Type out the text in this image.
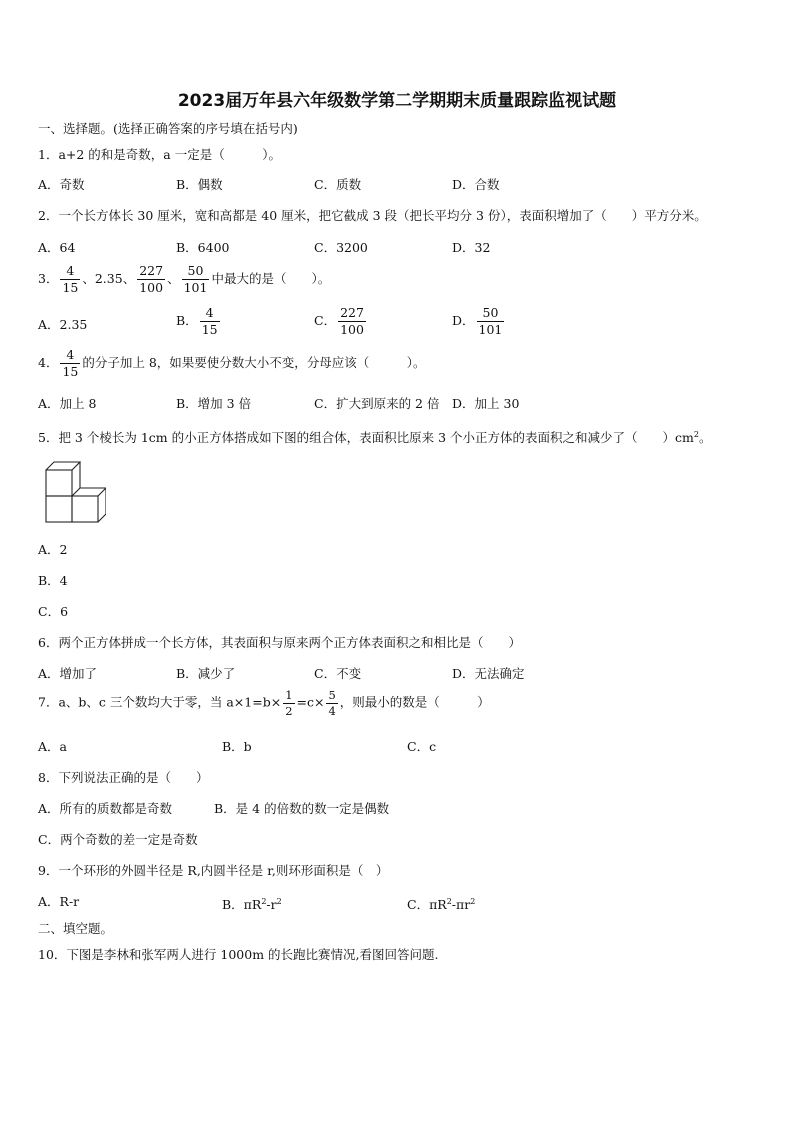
2023届万年县六年级数学第二学期期末质量跟踪监视试题
一、选择题。(选择正确答案的序号填在括号内)
1．a+2 的和是奇数，a 一定是（　　　）。
A．奇数	B．偶数	C．质数	D．合数
2．一个长方体长 30 厘米，宽和高都是 40 厘米，把它截成 3 段（把长平均分 3 份），表面积增加了（　　）平方分米。
A．64	B．6400	C．3200	D．32
3． $\frac{4}{15}$ 、2.35、 $\frac{227}{100}$ 、 $\frac{50}{101}$ 中最大的是（　　）。
A．2.35	B． $\frac{4}{15}$	C． $\frac{227}{100}$	D． $\frac{50}{101}$
4． $\frac{4}{15}$ 的分子加上 8，如果要使分数大小不变，分母应该（　　　）。
A．加上 8	B．增加 3 倍	C．扩大到原来的 2 倍 D．加上 30
5．把 3 个棱长为 1cm 的小正方体搭成如下图的组合体，表面积比原来 3 个小正方体的表面积之和减少了（　　）$cm^2$。
A．2
B．4
C．6
6．两个正方体拼成一个长方体，其表面积与原来两个正方体表面积之和相比是（　　）
A．增加了	B．减少了	C．不变	D．无法确定
7．a、b、c 三个数均大于零，当 $a\times 1=b\times \frac{1}{2} =c\times \frac{5}{4}$ ，则最小的数是（　　　）
A．a	B．b	C．c
8．下列说法正确的是（　　）
A．所有的质数都是奇数	B．是 4 的倍数的数一定是偶数
C．两个奇数的差一定是奇数
9．一个环形的外圆半径是 R,内圆半径是 r,则环形面积是（　）
A．R-r	B．$\pi R^2-r^2$	C．$\pi R^2-\pi r^2$
二、填空题。
10．下图是李林和张军两人进行 1000m 的长跑比赛情况,看图回答问题.
